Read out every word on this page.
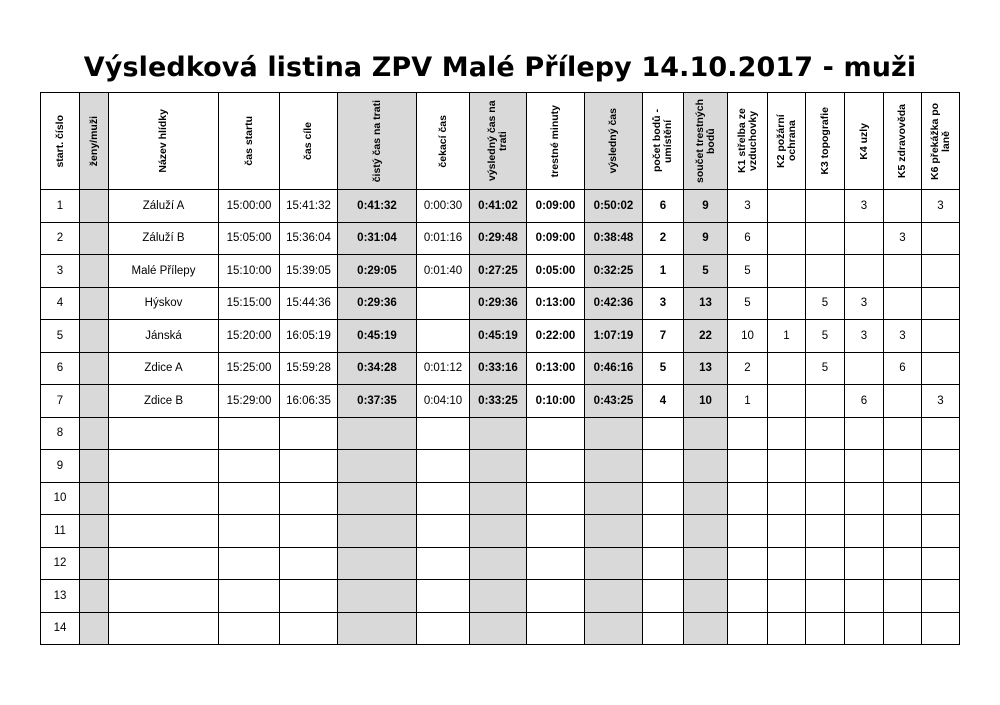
Výsledková listina ZPV Malé Přílepy 14.10.2017 - muži
start. číslo	ženy/muži	Název hlídky	čas startu	čas cíle	čistý čas na trati	čekací čas	výsledný čas na trati	trestné minuty	výsledný čas	počet bodů - umístění	součet trestných bodů	K1 střelba ze vzduchovky	K2 požární ochrana	K3 topografie	K4 uzly	K5 zdravověda	K6 překážka po laně

1		Záluží A	15:00:00	15:41:32	0:41:32	0:00:30	0:41:02	0:09:00	0:50:02	6	9	3			3		3
2		Záluží B	15:05:00	15:36:04	0:31:04	0:01:16	0:29:48	0:09:00	0:38:48	2	9	6				3	
3		Malé Přílepy	15:10:00	15:39:05	0:29:05	0:01:40	0:27:25	0:05:00	0:32:25	1	5	5					
4		Hýskov	15:15:00	15:44:36	0:29:36		0:29:36	0:13:00	0:42:36	3	13	5		5	3		
5		Jánská	15:20:00	16:05:19	0:45:19		0:45:19	0:22:00	1:07:19	7	22	10	1	5	3	3	
6		Zdice A	15:25:00	15:59:28	0:34:28	0:01:12	0:33:16	0:13:00	0:46:16	5	13	2		5		6	
7		Zdice B	15:29:00	16:06:35	0:37:35	0:04:10	0:33:25	0:10:00	0:43:25	4	10	1			6		3
8																	
9																	
10																	
11																	
12																	
13																	
14																	
